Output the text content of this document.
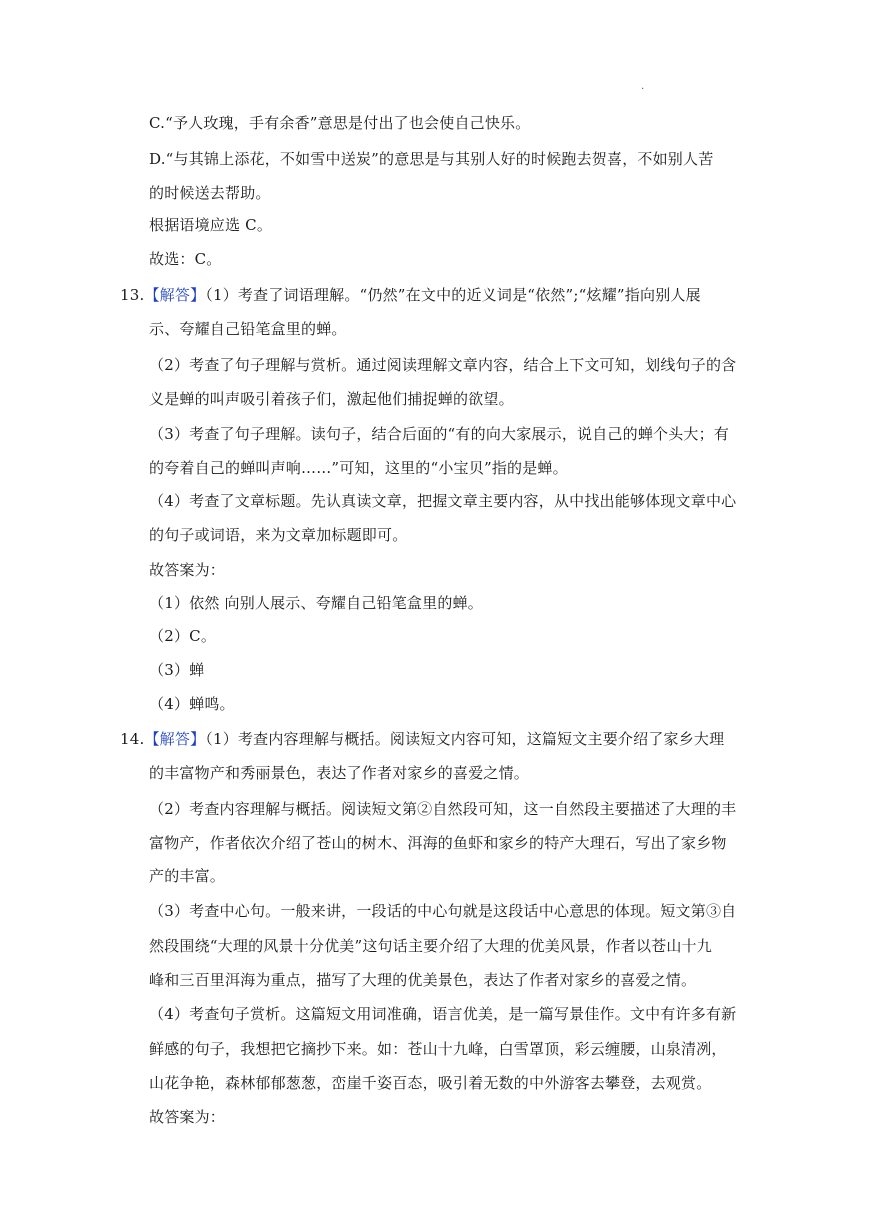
.
C.“予人玫瑰，手有余香”意思是付出了也会使自己快乐。
D.“与其锦上添花，不如雪中送炭”的意思是与其别人好的时候跑去贺喜，不如别人苦
的时候送去帮助。
根据语境应选 C。
故选：C。
13.【解答】（1）考查了词语理解。“仍然”在文中的近义词是“依然”;“炫耀”指向别人展
示、夸耀自己铅笔盒里的蝉。
（2）考查了句子理解与赏析。通过阅读理解文章内容，结合上下文可知，划线句子的含
义是蝉的叫声吸引着孩子们，激起他们捕捉蝉的欲望。
（3）考查了句子理解。读句子，结合后面的“有的向大家展示，说自己的蝉个头大；有
的夸着自己的蝉叫声响……”可知，这里的“小宝贝”指的是蝉。
（4）考查了文章标题。先认真读文章，把握文章主要内容，从中找出能够体现文章中心
的句子或词语，来为文章加标题即可。
故答案为：
（1）依然 向别人展示、夸耀自己铅笔盒里的蝉。
（2）C。
（3）蝉
（4）蝉鸣。
14.【解答】（1）考查内容理解与概括。阅读短文内容可知，这篇短文主要介绍了家乡大理
的丰富物产和秀丽景色，表达了作者对家乡的喜爱之情。
（2）考查内容理解与概括。阅读短文第②自然段可知，这一自然段主要描述了大理的丰
富物产，作者依次介绍了苍山的树木、洱海的鱼虾和家乡的特产大理石，写出了家乡物
产的丰富。
（3）考查中心句。一般来讲，一段话的中心句就是这段话中心意思的体现。短文第③自
然段围绕“大理的风景十分优美”这句话主要介绍了大理的优美风景，作者以苍山十九
峰和三百里洱海为重点，描写了大理的优美景色，表达了作者对家乡的喜爱之情。
（4）考查句子赏析。这篇短文用词准确，语言优美，是一篇写景佳作。文中有许多有新
鲜感的句子，我想把它摘抄下来。如：苍山十九峰，白雪罩顶，彩云缠腰，山泉清冽，
山花争艳，森林郁郁葱葱，峦崖千姿百态，吸引着无数的中外游客去攀登，去观赏。
故答案为：
